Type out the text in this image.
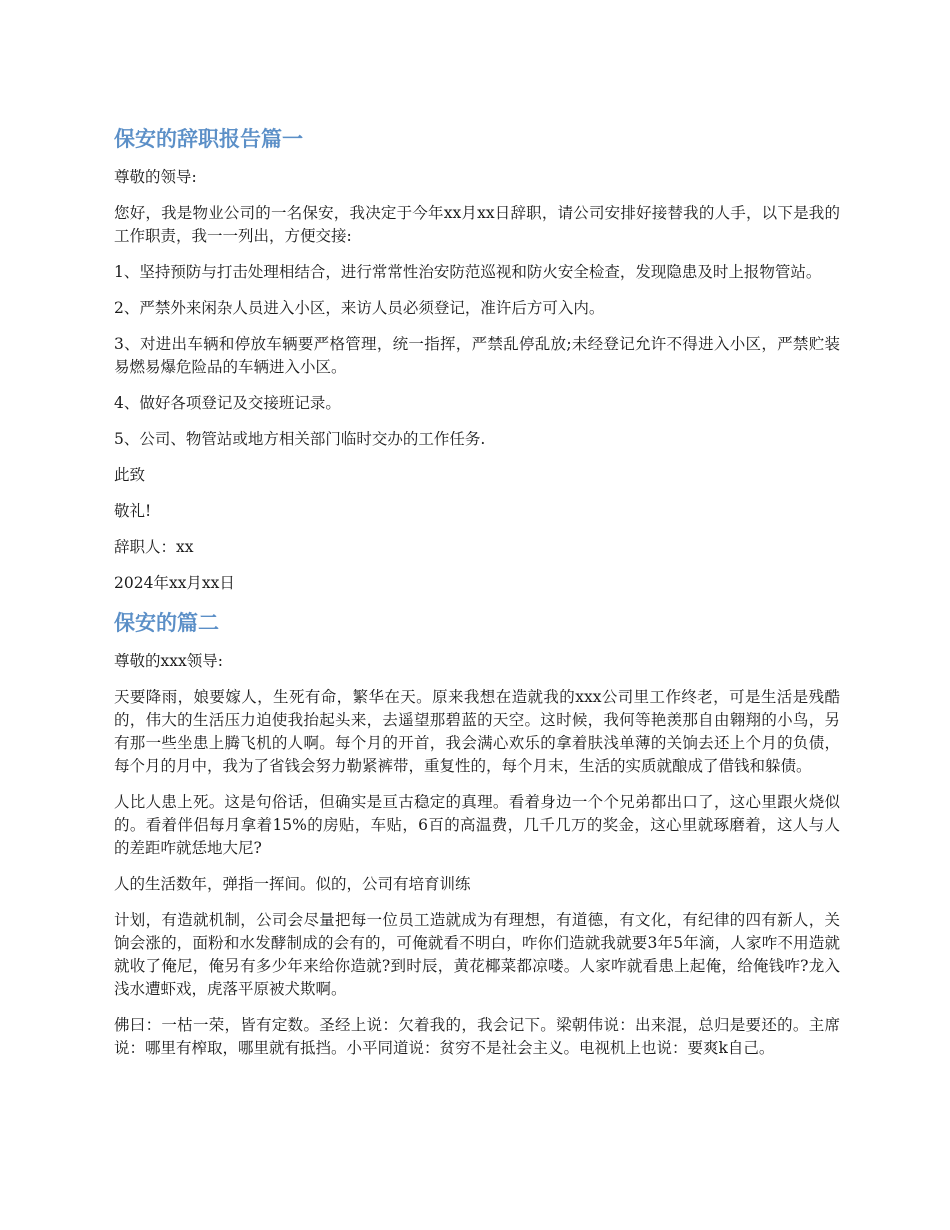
保安的辞职报告篇一

尊敬的领导:

您好，我是物业公司的一名保安，我决定于今年xx月xx日辞职，请公司安排好接替我的人手，以下是我的工作职责，我一一列出，方便交接:

1、坚持预防与打击处理相结合，进行常常性治安防范巡视和防火安全检查，发现隐患及时上报物管站。

2、严禁外来闲杂人员进入小区，来访人员必须登记，准许后方可入内。

3、对进出车辆和停放车辆要严格管理，统一指挥，严禁乱停乱放;未经登记允许不得进入小区，严禁贮装易燃易爆危险品的车辆进入小区。

4、做好各项登记及交接班记录。

5、公司、物管站或地方相关部门临时交办的工作任务.

此致

敬礼!

辞职人：xx

2024年xx月xx日

保安的篇二

尊敬的xxx领导:

天要降雨，娘要嫁人，生死有命，繁华在天。原来我想在造就我的xxx公司里工作终老，可是生活是残酷的，伟大的生活压力迫使我抬起头来，去遥望那碧蓝的天空。这时候，我何等艳羡那自由翱翔的小鸟，另有那一些坐患上腾飞机的人啊。每个月的开首，我会满心欢乐的拿着肤浅单薄的关饷去还上个月的负债，每个月的月中，我为了省钱会努力勒紧裤带，重复性的，每个月末，生活的实质就酿成了借钱和躲债。

人比人患上死。这是句俗话，但确实是亘古稳定的真理。看着身边一个个兄弟都出口了，这心里跟火烧似的。看着伴侣每月拿着15%的房贴，车贴，6百的高温费，几千几万的奖金，这心里就琢磨着，这人与人的差距咋就恁地大尼?

人的生活数年，弹指一挥间。似的，公司有培育训练

计划，有造就机制，公司会尽量把每一位员工造就成为有理想，有道德，有文化，有纪律的四有新人，关饷会涨的，面粉和水发酵制成的会有的，可俺就看不明白，咋你们造就我就要3年5年滴，人家咋不用造就就收了俺尼，俺另有多少年来给你造就?到时辰，黄花椰菜都凉喽。人家咋就看患上起俺，给俺钱咋?龙入浅水遭虾戏，虎落平原被犬欺啊。

佛曰：一枯一荣，皆有定数。圣经上说：欠着我的，我会记下。梁朝伟说：出来混，总归是要还的。主席说：哪里有榨取，哪里就有抵挡。小平同道说：贫穷不是社会主义。电视机上也说：要爽k自己。
